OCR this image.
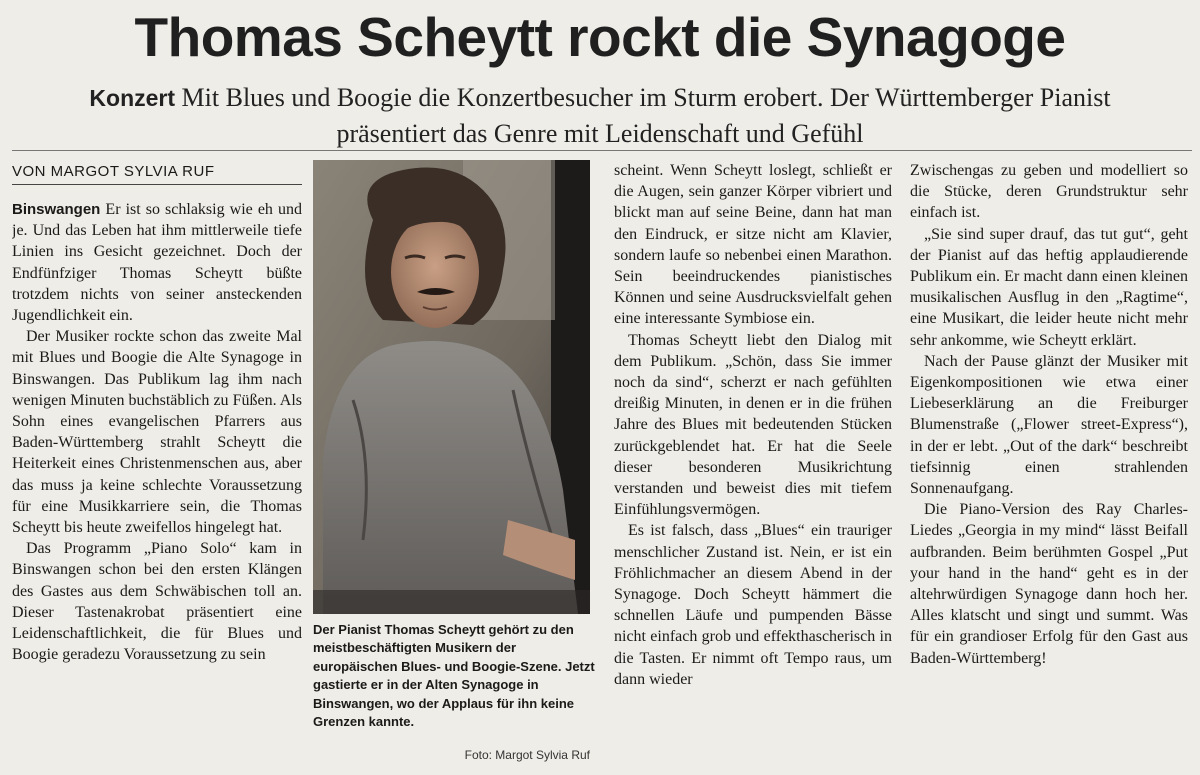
Thomas Scheytt rockt die Synagoge
Konzert Mit Blues und Boogie die Konzertbesucher im Sturm erobert. Der Württemberger Pianist präsentiert das Genre mit Leidenschaft und Gefühl
VON MARGOT SYLVIA RUF

Binswangen Er ist so schlaksig wie eh und je. Und das Leben hat ihm mittlerweile tiefe Linien ins Gesicht gezeichnet. Doch der Endfünfziger Thomas Scheytt büßte trotzdem nichts von seiner ansteckenden Jugendlichkeit ein.

Der Musiker rockte schon das zweite Mal mit Blues und Boogie die Alte Synagoge in Binswangen. Das Publikum lag ihm nach wenigen Minuten buchstäblich zu Füßen. Als Sohn eines evangelischen Pfarrers aus Baden-Württemberg strahlt Scheytt die Heiterkeit eines Christenmenschen aus, aber das muss ja keine schlechte Voraussetzung für eine Musikkarriere sein, die Thomas Scheytt bis heute zweifellos hingelegt hat.

Das Programm „Piano Solo“ kam in Binswangen schon bei den ersten Klängen des Gastes aus dem Schwäbischen toll an. Dieser Tastenakrobat präsentiert eine Leidenschaftlichkeit, die für Blues und Boogie geradezu Voraussetzung zu sein

Der Pianist Thomas Scheytt gehört zu den meistbeschäftigten Musikern der europäischen Blues- und Boogie-Szene. Jetzt gastierte er in der Alten Synagoge in Binswangen, wo der Applaus für ihn keine Grenzen kannte.
Foto: Margot Sylvia Ruf

scheint. Wenn Scheytt loslegt, schließt er die Augen, sein ganzer Körper vibriert und blickt man auf seine Beine, dann hat man den Eindruck, er sitze nicht am Klavier, sondern laufe so nebenbei einen Marathon. Sein beeindruckendes pianistisches Können und seine Ausdrucksvielfalt gehen eine interessante Symbiose ein.

Thomas Scheytt liebt den Dialog mit dem Publikum. „Schön, dass Sie immer noch da sind“, scherzt er nach gefühlten dreißig Minuten, in denen er in die frühen Jahre des Blues mit bedeutenden Stücken zurückgeblendet hat. Er hat die Seele dieser besonderen Musikrichtung verstanden und beweist dies mit tiefem Einfühlungsvermögen.

Es ist falsch, dass „Blues“ ein trauriger menschlicher Zustand ist. Nein, er ist ein Fröhlichmacher an diesem Abend in der Synagoge. Doch Scheytt hämmert die schnellen Läufe und pumpenden Bässe nicht einfach grob und effekthascherisch in die Tasten. Er nimmt oft Tempo raus, um dann wieder

Zwischengas zu geben und modelliert so die Stücke, deren Grundstruktur sehr einfach ist.

„Sie sind super drauf, das tut gut“, geht der Pianist auf das heftig applaudierende Publikum ein. Er macht dann einen kleinen musikalischen Ausflug in den „Ragtime“, eine Musikart, die leider heute nicht mehr sehr ankomme, wie Scheytt erklärt.

Nach der Pause glänzt der Musiker mit Eigenkompositionen wie etwa einer Liebeserklärung an die Freiburger Blumenstraße („Flower street-Express“), in der er lebt. „Out of the dark“ beschreibt tiefsinnig einen strahlenden Sonnenaufgang.

Die Piano-Version des Ray Charles-Liedes „Georgia in my mind“ lässt Beifall aufbranden. Beim berühmten Gospel „Put your hand in the hand“ geht es in der altehrwürdigen Synagoge dann hoch her. Alles klatscht und singt und summt. Was für ein grandioser Erfolg für den Gast aus Baden-Württemberg!
